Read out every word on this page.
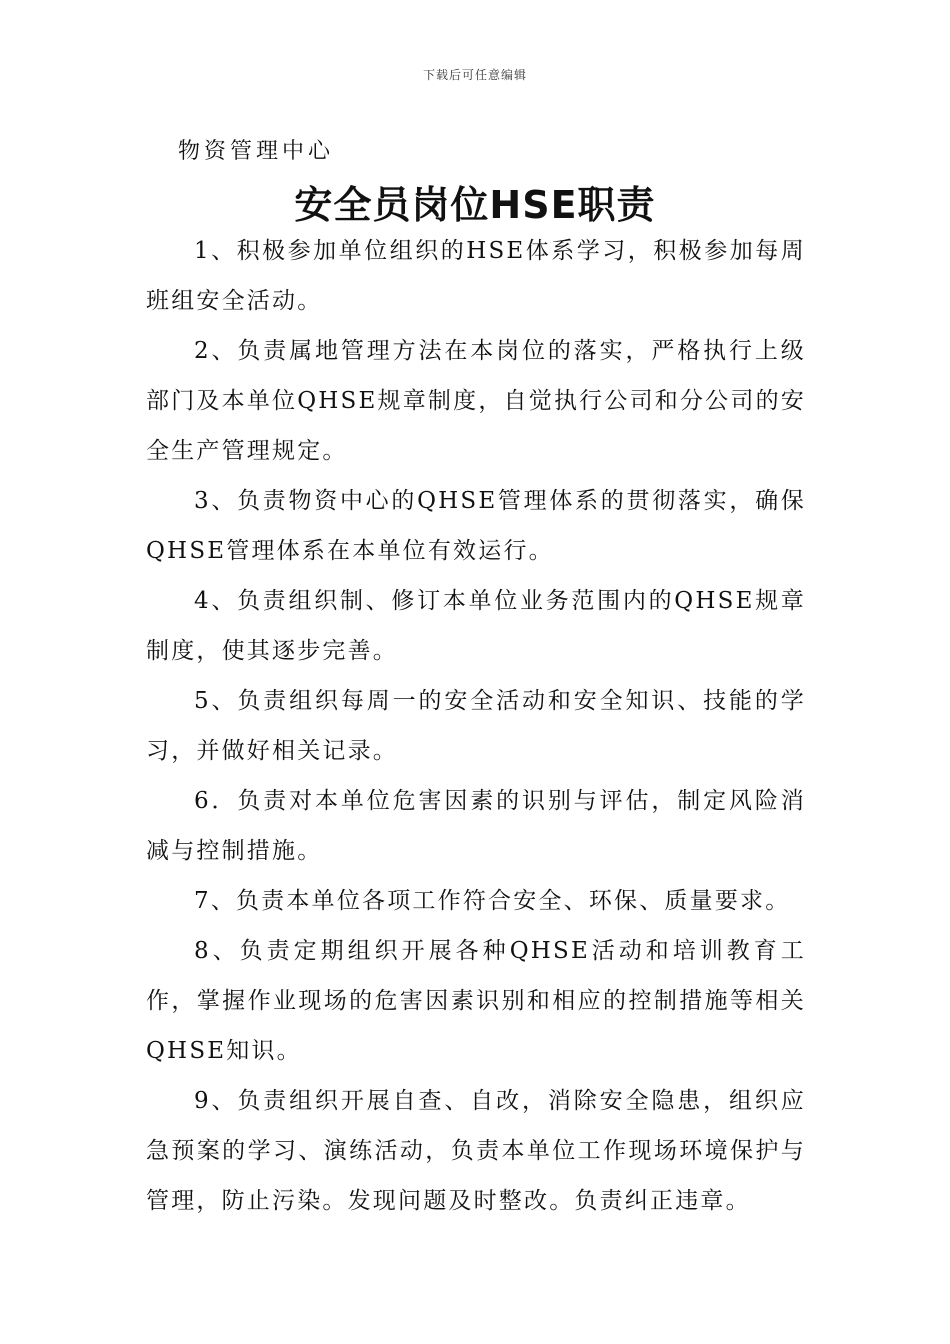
下载后可任意编辑
物资管理中心
安全员岗位HSE职责

1、积极参加单位组织的HSE体系学习，积极参加每周班组安全活动。

2、负责属地管理方法在本岗位的落实，严格执行上级部门及本单位QHSE规章制度，自觉执行公司和分公司的安全生产管理规定。

3、负责物资中心的QHSE管理体系的贯彻落实，确保QHSE管理体系在本单位有效运行。

4、负责组织制、修订本单位业务范围内的QHSE规章制度，使其逐步完善。

5、负责组织每周一的安全活动和安全知识、技能的学习，并做好相关记录。

6．负责对本单位危害因素的识别与评估，制定风险消减与控制措施。

7、负责本单位各项工作符合安全、环保、质量要求。

8、负责定期组织开展各种QHSE活动和培训教育工作，掌握作业现场的危害因素识别和相应的控制措施等相关QHSE知识。

9、负责组织开展自查、自改，消除安全隐患，组织应急预案的学习、演练活动，负责本单位工作现场环境保护与管理，防止污染。发现问题及时整改。负责纠正违章。
